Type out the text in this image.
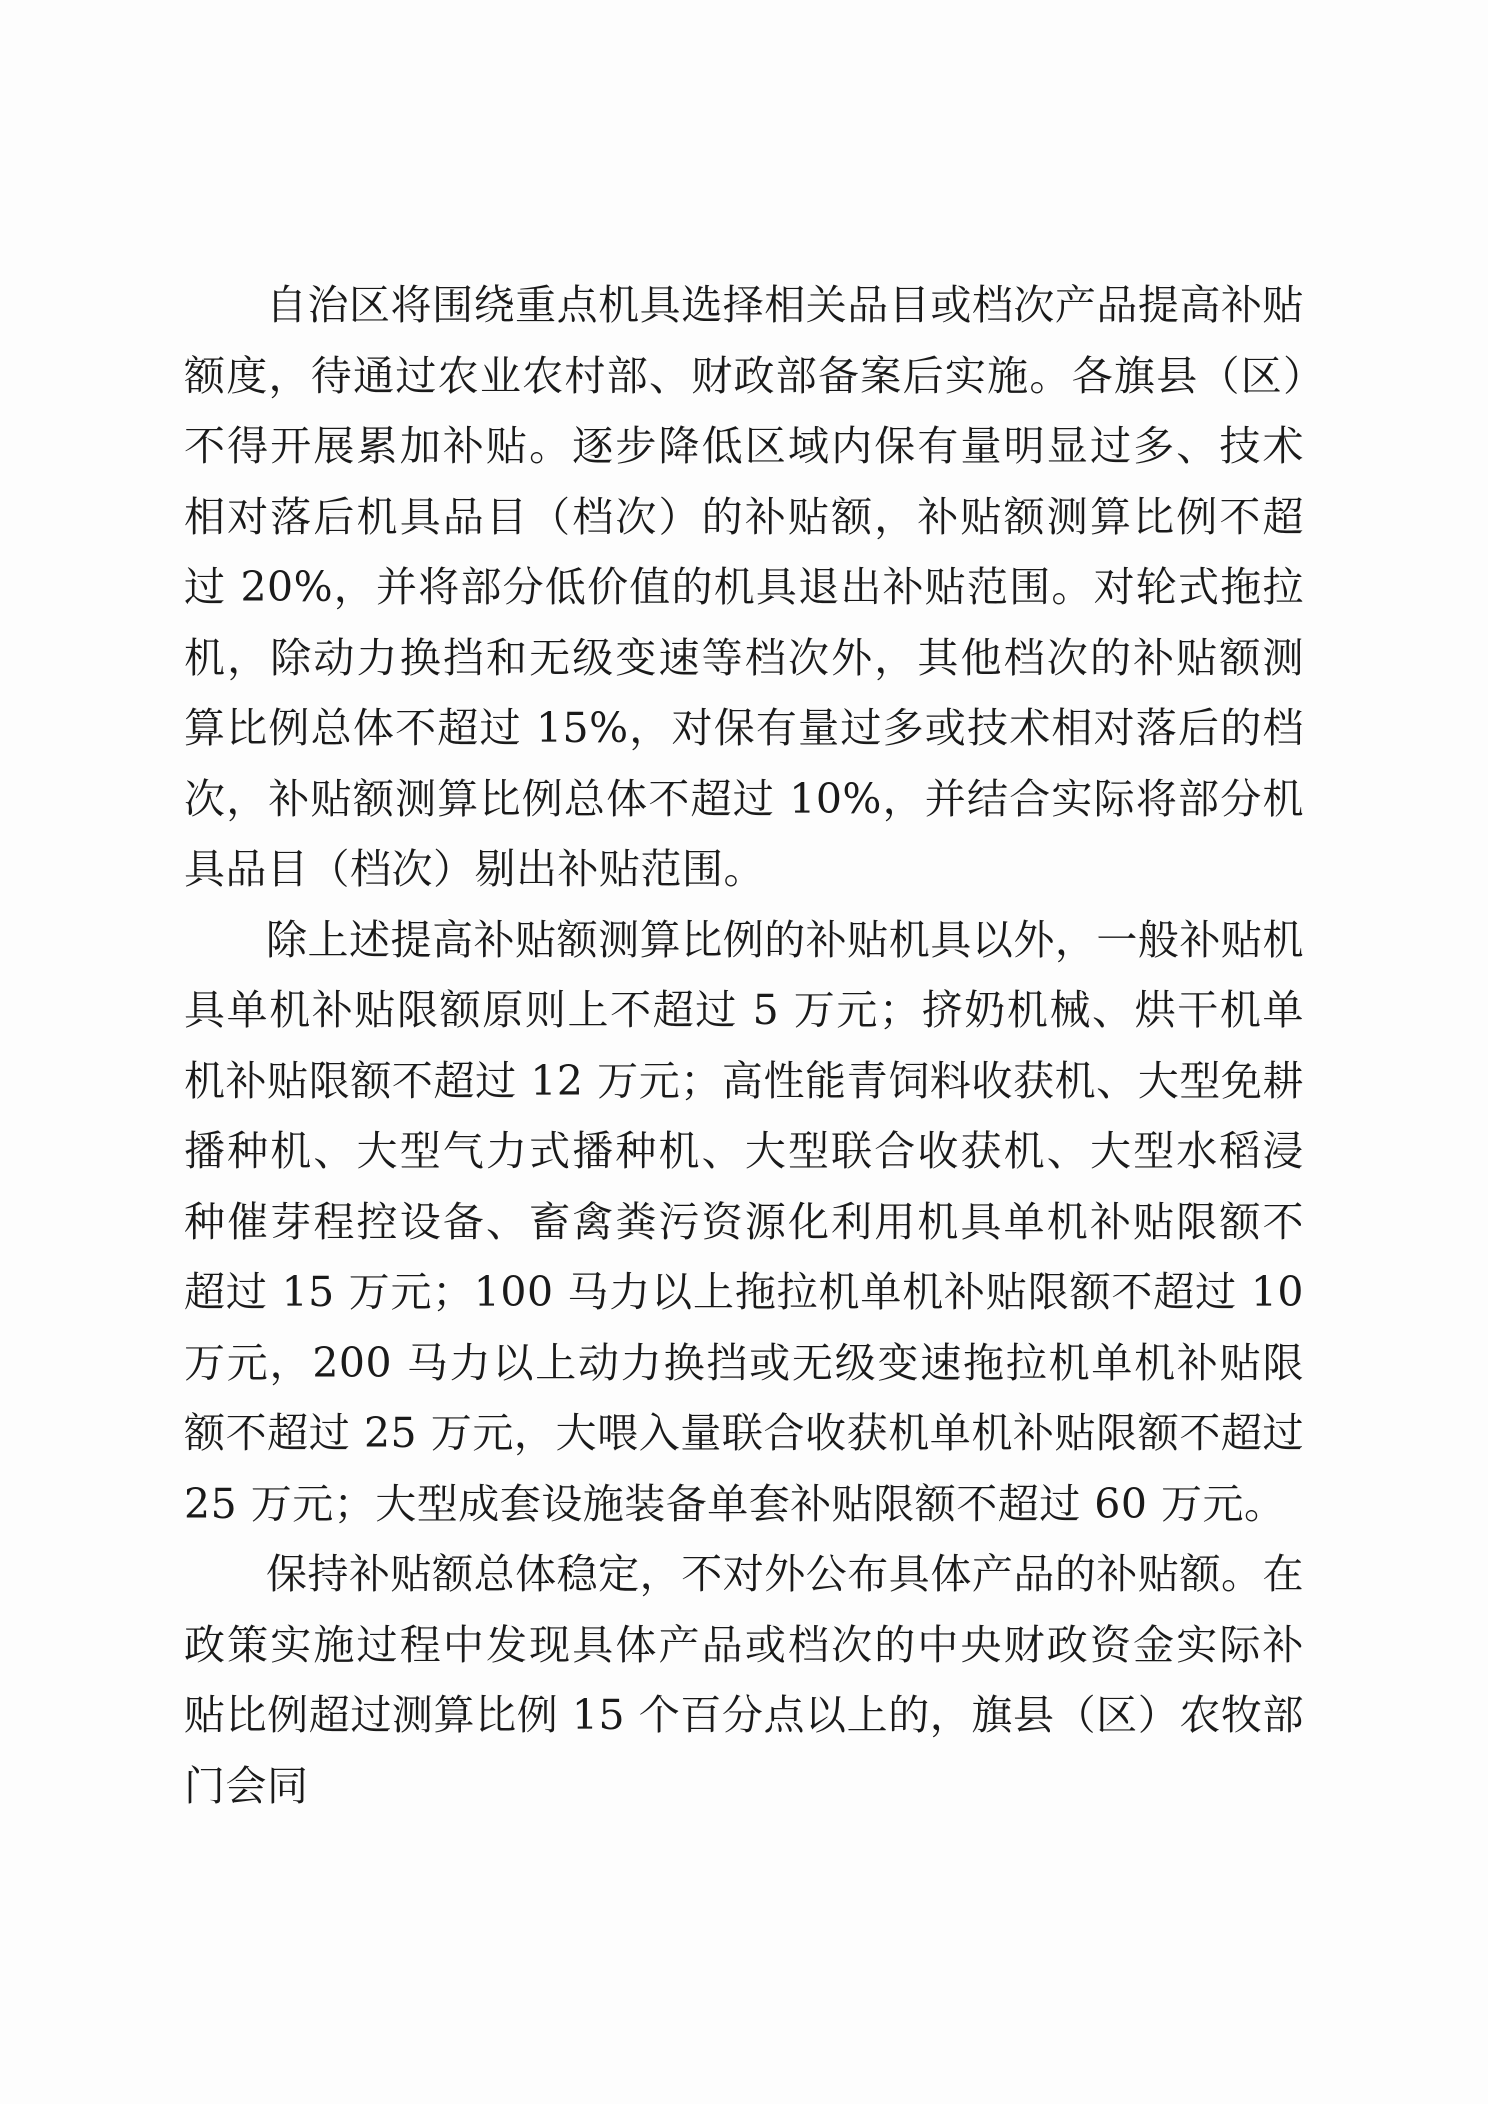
自治区将围绕重点机具选择相关品目或档次产品提高补贴额度，待通过农业农村部、财政部备案后实施。各旗县（区）不得开展累加补贴。逐步降低区域内保有量明显过多、技术相对落后机具品目（档次）的补贴额，补贴额测算比例不超过 20%，并将部分低价值的机具退出补贴范围。对轮式拖拉机，除动力换挡和无级变速等档次外，其他档次的补贴额测算比例总体不超过 15%，对保有量过多或技术相对落后的档次，补贴额测算比例总体不超过 10%，并结合实际将部分机具品目（档次）剔出补贴范围。

除上述提高补贴额测算比例的补贴机具以外，一般补贴机具单机补贴限额原则上不超过 5 万元；挤奶机械、烘干机单机补贴限额不超过 12 万元；高性能青饲料收获机、大型免耕播种机、大型气力式播种机、大型联合收获机、大型水稻浸种催芽程控设备、畜禽粪污资源化利用机具单机补贴限额不超过 15 万元；100 马力以上拖拉机单机补贴限额不超过 10 万元，200 马力以上动力换挡或无级变速拖拉机单机补贴限额不超过 25 万元，大喂入量联合收获机单机补贴限额不超过 25 万元；大型成套设施装备单套补贴限额不超过 60 万元。

保持补贴额总体稳定，不对外公布具体产品的补贴额。在政策实施过程中发现具体产品或档次的中央财政资金实际补贴比例超过测算比例 15 个百分点以上的，旗县（区）农牧部门会同
